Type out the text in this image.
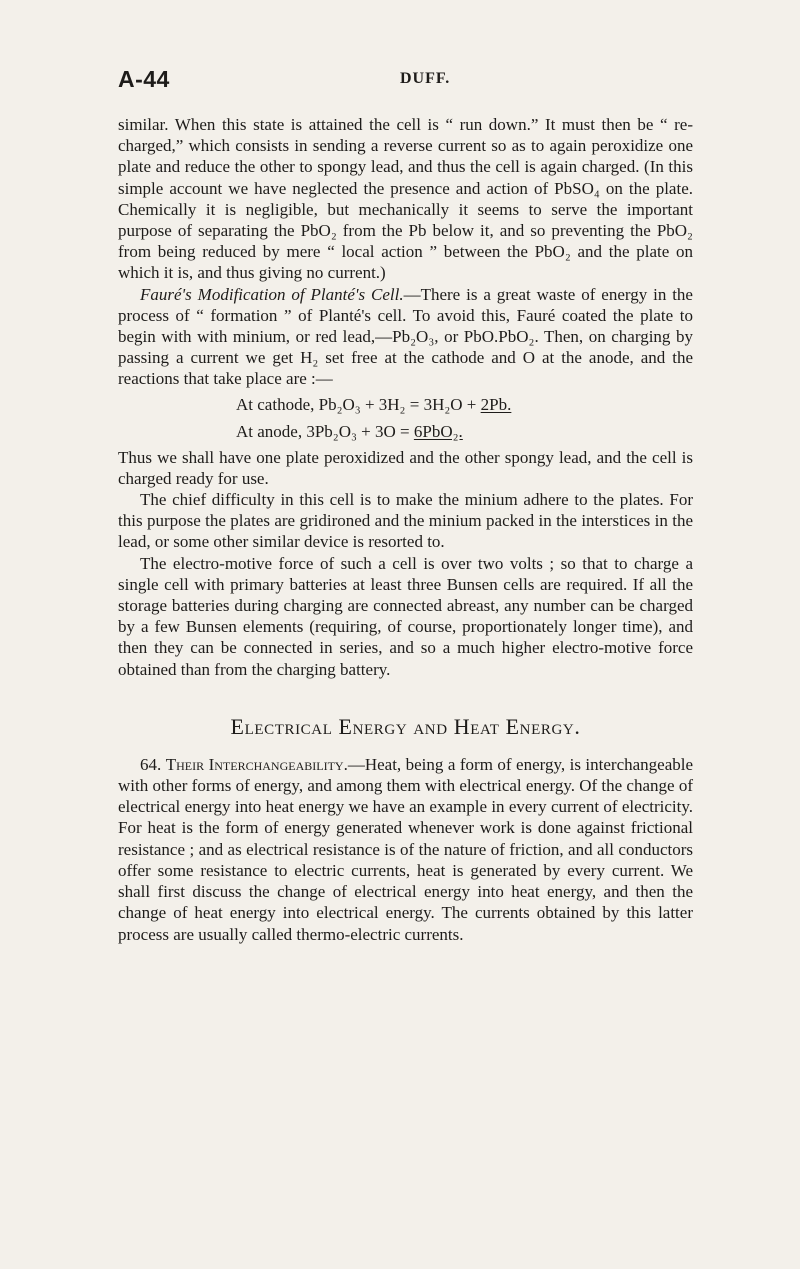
A-44	DUFF.

similar. When this state is attained the cell is “ run down.” It must then be “ re-charged,” which consists in sending a reverse current so as to again peroxidize one plate and reduce the other to spongy lead, and thus the cell is again charged. (In this simple account we have neglected the presence and action of PbSO₄ on the plate. Chemically it is negligible, but mechanically it seems to serve the important purpose of separating the PbO₂ from the Pb below it, and so preventing the PbO₂ from being reduced by mere “ local action ” between the PbO₂ and the plate on which it is, and thus giving no current.)

Fauré's Modification of Planté's Cell.—There is a great waste of energy in the process of “ formation ” of Planté's cell. To avoid this, Fauré coated the plate to begin with with minium, or red lead,—Pb₂O₃, or PbO.PbO₂. Then, on charging by passing a current we get H₂ set free at the cathode and O at the anode, and the reactions that take place are :—

At cathode, Pb₂O₃ + 3H₂ = 3H₂O + 2Pb.
At anode, 3Pb₂O₃ + 3O = 6PbO₂.

Thus we shall have one plate peroxidized and the other spongy lead, and the cell is charged ready for use.

The chief difficulty in this cell is to make the minium adhere to the plates. For this purpose the plates are gridironed and the minium packed in the interstices in the lead, or some other similar device is resorted to.

The electro-motive force of such a cell is over two volts ; so that to charge a single cell with primary batteries at least three Bunsen cells are required. If all the storage batteries during charging are connected abreast, any number can be charged by a few Bunsen elements (requiring, of course, proportionately longer time), and then they can be connected in series, and so a much higher electro-motive force obtained than from the charging battery.

Electrical Energy and Heat Energy.

64. Their Interchangeability.—Heat, being a form of energy, is interchangeable with other forms of energy, and among them with electrical energy. Of the change of electrical energy into heat energy we have an example in every current of electricity. For heat is the form of energy generated whenever work is done against frictional resistance ; and as electrical resistance is of the nature of friction, and all conductors offer some resistance to electric currents, heat is generated by every current. We shall first discuss the change of electrical energy into heat energy, and then the change of heat energy into electrical energy. The currents obtained by this latter process are usually called thermo-electric currents.
